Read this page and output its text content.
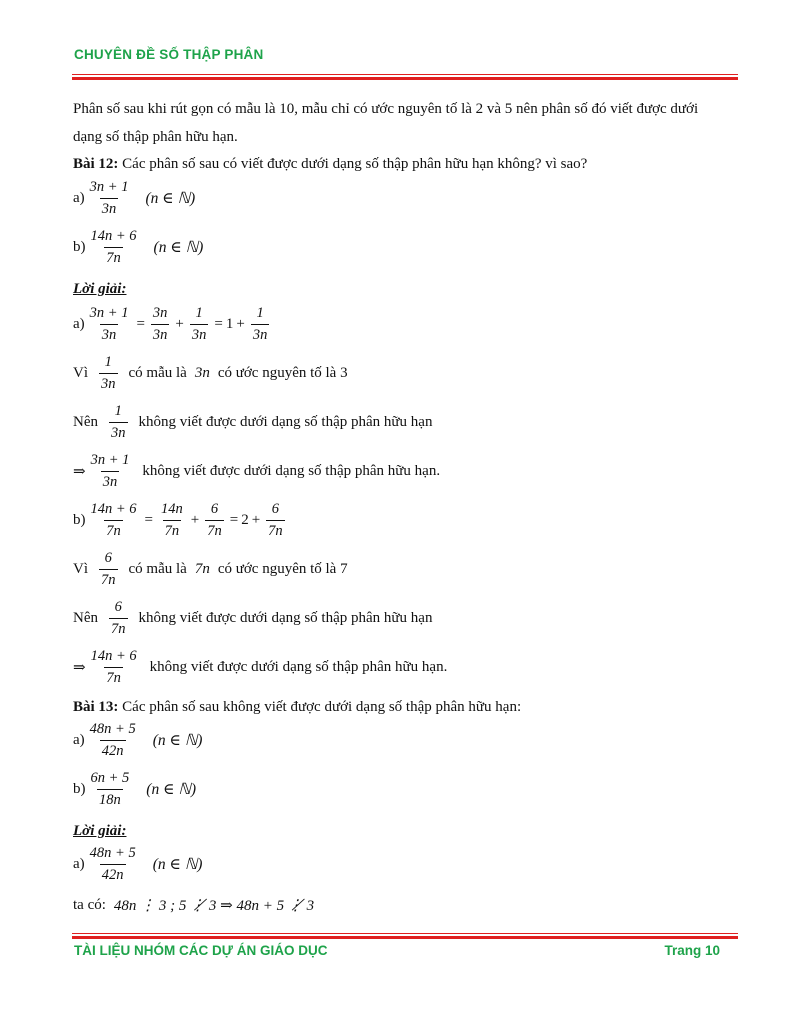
CHUYÊN ĐỀ SỐ THẬP PHÂN
Phân số sau khi rút gọn có mẫu là 10, mẫu chỉ có ước nguyên tố là 2 và 5 nên phân số đó viết được dưới
dạng số thập phân hữu hạn.
Bài 12: Các phân số sau có viết được dưới dạng số thập phân hữu hạn không? vì sao?
$a) \frac{3n + 1}{3n} (n$ ∈ ℕ)
$b) \frac{14n + 6}{7n} (n$ ∈ ℕ)
Lời giải:
$a) \frac{3n + 1}{3n} = \frac{3n}{3n} + \frac{1}{3n} = 1 + \frac{1}{3n}$
Vì $\frac{1}{3n}$ có mẫu là 3n có ước nguyên tố là 3
Nên $\frac{1}{3n}$ không viết được dưới dạng số thập phân hữu hạn
⇒ $\frac{3n + 1}{3n}$ không viết được dưới dạng số thập phân hữu hạn.
$b) \frac{14n + 6}{7n} = \frac{14n}{7n} + \frac{6}{7n} = 2 + \frac{6}{7n}$
Vì $\frac{6}{7n}$ có mẫu là 7n có ước nguyên tố là 7
Nên $\frac{6}{7n}$ không viết được dưới dạng số thập phân hữu hạn
⇒ $\frac{14n + 6}{7n}$ không viết được dưới dạng số thập phân hữu hạn.
Bài 13: Các phân số sau không viết được dưới dạng số thập phân hữu hạn:
$a) \frac{48n + 5}{42n} (n$ ∈ ℕ)
$b) \frac{6n + 5}{18n} (n$ ∈ ℕ)
Lời giải:
$a) \frac{48n + 5}{42n} (n$ ∈ ℕ)
ta có: 48n ⋮ 3 ; 5 ⋮̸ 3 ⇒ 48n + 5 ⋮̸ 3
TÀI LIỆU NHÓM CÁC DỰ ÁN GIÁO DỤC	Trang 10
